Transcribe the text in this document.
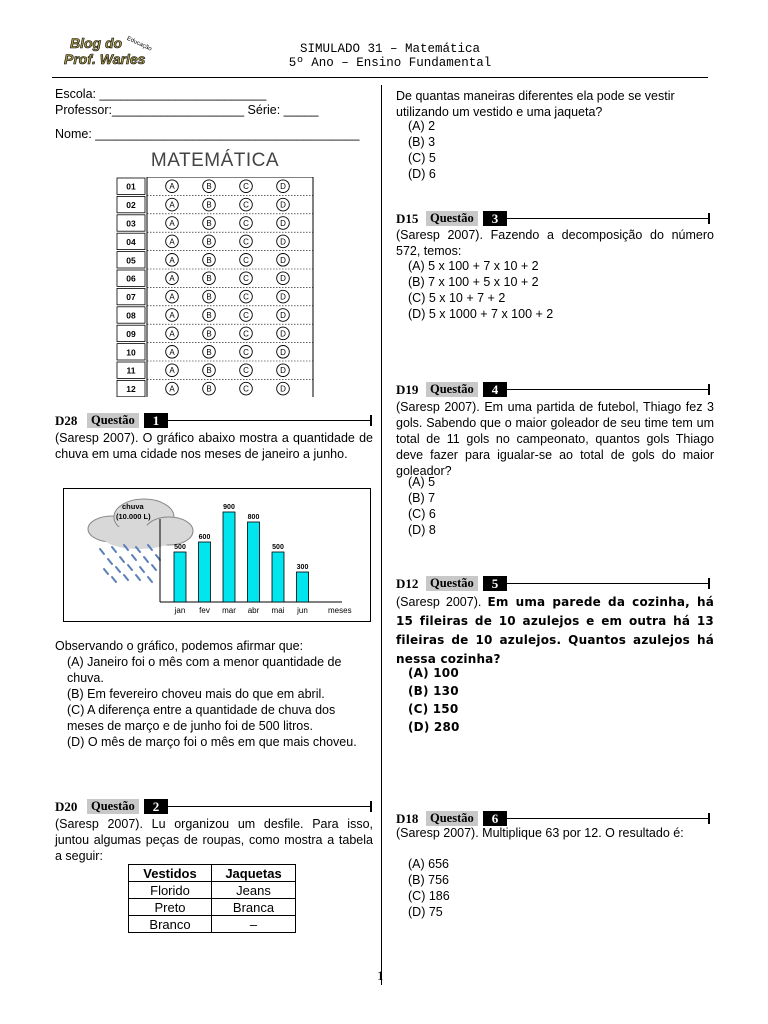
Blog do
Prof. Warles
Educação	SIMULADO 31 – Matemática
5º Ano – Ensino Fundamental
Escola: ________________________
Professor:___________________ Série: _____
Nome: ______________________________________
MATEMÁTICA
01	A	B	C	D
02	A	B	C	D
03	A	B	C	D
04	A	B	C	D
05	A	B	C	D
06	A	B	C	D
07	A	B	C	D
08	A	B	C	D
09	A	B	C	D
10	A	B	C	D
11	A	B	C	D
12	A	B	C	D
D28	Questão	1
(Saresp 2007). O gráfico abaixo mostra a quantidade de chuva em uma cidade nos meses de janeiro a junho.
chuva
(10.000 L)
500
jan
600
fev
900
mar
800
abr
500
mai
300
jun	meses
Observando o gráfico, podemos afirmar que:
(A) Janeiro foi o mês com a menor quantidade de chuva.
(B) Em fevereiro choveu mais do que em abril.
(C) A diferença entre a quantidade de chuva dos meses de março e de junho foi de 500 litros.
(D) O mês de março foi o mês em que mais choveu.
D20	Questão	2
(Saresp 2007). Lu organizou um desfile. Para isso, juntou algumas peças de roupas, como mostra a tabela a seguir:
Vestidos	Jaquetas
Florido	Jeans
Preto	Branca
Branco	–
De quantas maneiras diferentes ela pode se vestir utilizando um vestido e uma jaqueta?
(A) 2
(B) 3
(C) 5
(D) 6
D15 Questão	3
(Saresp 2007). Fazendo a decomposição do número 572, temos:
(A) 5 x 100 + 7 x 10 + 2
(B) 7 x 100 + 5 x 10 + 2
(C) 5 x 10 + 7 + 2
(D) 5 x 1000 + 7 x 100 + 2
D19 Questão	4
(Saresp 2007). Em uma partida de futebol, Thiago fez 3 gols. Sabendo que o maior goleador de seu time tem um total de 11 gols no campeonato, quantos gols Thiago deve fazer para igualar-se ao total de gols do maior goleador?
(A) 5
(B) 7
(C) 6
(D) 8
D12 Questão	5
(Saresp 2007). Em uma parede da cozinha, há 15 fileiras de 10 azulejos e em outra há 13 fileiras de 10 azulejos. Quantos azulejos há nessa cozinha?
(A) 100
(B) 130
(C) 150
(D) 280
D18 Questão	6
(Saresp 2007). Multiplique 63 por 12. O resultado é:
(A) 656
(B) 756
(C) 186
(D) 75
1
